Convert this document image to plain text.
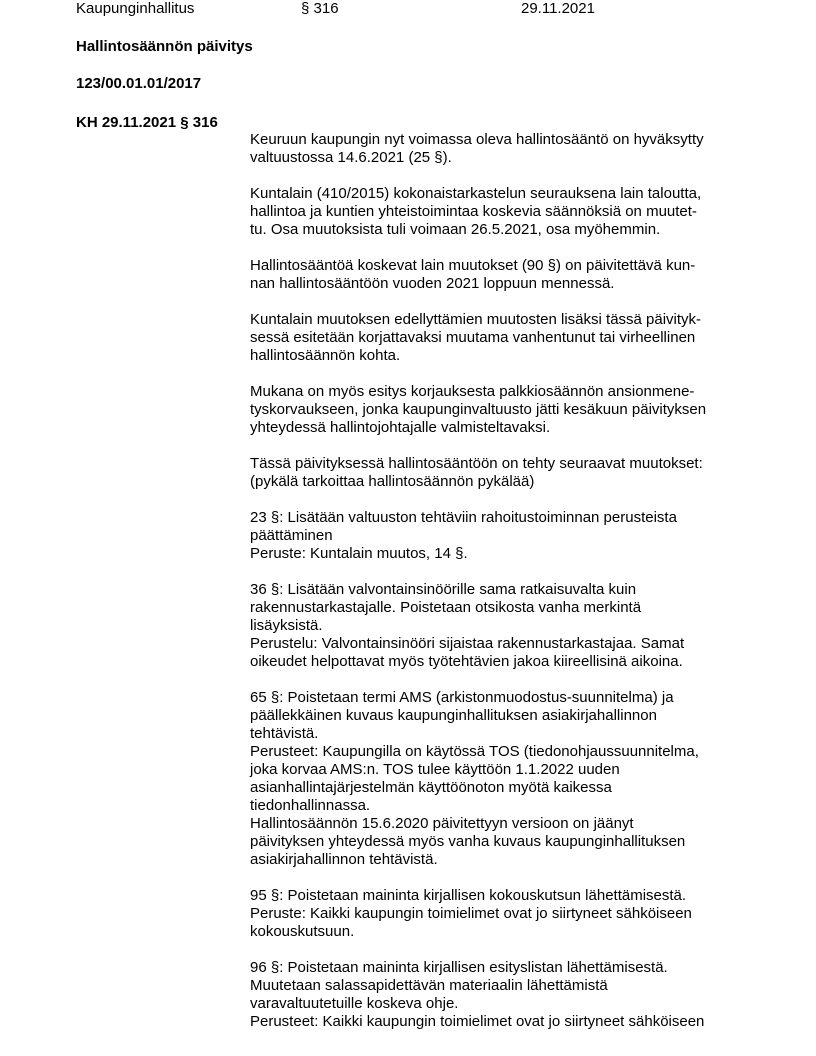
Kaupunginhallitus	§ 316	29.11.2021
Hallintosäännön päivitys
123/00.01.01/2017
KH 29.11.2021 § 316
Keuruun kaupungin nyt voimassa oleva hallintosääntö on hyväksytty
valtuustossa 14.6.2021 (25 §).
Kuntalain (410/2015) kokonaistarkastelun seurauksena lain taloutta,
hallintoa ja kuntien yhteistoimintaa koskevia säännöksiä on muutet-
tu. Osa muutoksista tuli voimaan 26.5.2021, osa myöhemmin.
Hallintosääntöä koskevat lain muutokset (90 §) on päivitettävä kun-
nan hallintosääntöön vuoden 2021 loppuun mennessä.
Kuntalain muutoksen edellyttämien muutosten lisäksi tässä päivityk-
sessä esitetään korjattavaksi muutama vanhentunut tai virheellinen
hallintosäännön kohta.
Mukana on myös esitys korjauksesta palkkiosäännön ansionmene-
tyskorvaukseen, jonka kaupunginvaltuusto jätti kesäkuun päivityksen
yhteydessä hallintojohtajalle valmisteltavaksi.
Tässä päivityksessä hallintosääntöön on tehty seuraavat muutokset:
(pykälä tarkoittaa hallintosäännön pykälää)
23 §: Lisätään valtuuston tehtäviin rahoitustoiminnan perusteista
päättäminen
Peruste: Kuntalain muutos, 14 §.
36 §: Lisätään valvontainsinöörille sama ratkaisuvalta kuin
rakennustarkastajalle. Poistetaan otsikosta vanha merkintä
lisäyksistä.
Perustelu: Valvontainsinööri sijaistaa rakennustarkastajaa. Samat
oikeudet helpottavat myös työtehtävien jakoa kiireellisinä aikoina.
65 §: Poistetaan termi AMS (arkistonmuodostus-suunnitelma) ja
päällekkäinen kuvaus kaupunginhallituksen asiakirjahallinnon
tehtävistä.
Perusteet: Kaupungilla on käytössä TOS (tiedonohjaussuunnitelma,
joka korvaa AMS:n. TOS tulee käyttöön 1.1.2022 uuden
asianhallintajärjestelmän käyttöönoton myötä kaikessa
tiedonhallinnassa.
Hallintosäännön 15.6.2020 päivitettyyn versioon on jäänyt
päivityksen yhteydessä myös vanha kuvaus kaupunginhallituksen
asiakirjahallinnon tehtävistä.
95 §: Poistetaan maininta kirjallisen kokouskutsun lähettämisestä.
Peruste: Kaikki kaupungin toimielimet ovat jo siirtyneet sähköiseen
kokouskutsuun.
96 §: Poistetaan maininta kirjallisen esityslistan lähettämisestä.
Muutetaan salassapidettävän materiaalin lähettämistä
varavaltuutetuille koskeva ohje.
Perusteet: Kaikki kaupungin toimielimet ovat jo siirtyneet sähköiseen
